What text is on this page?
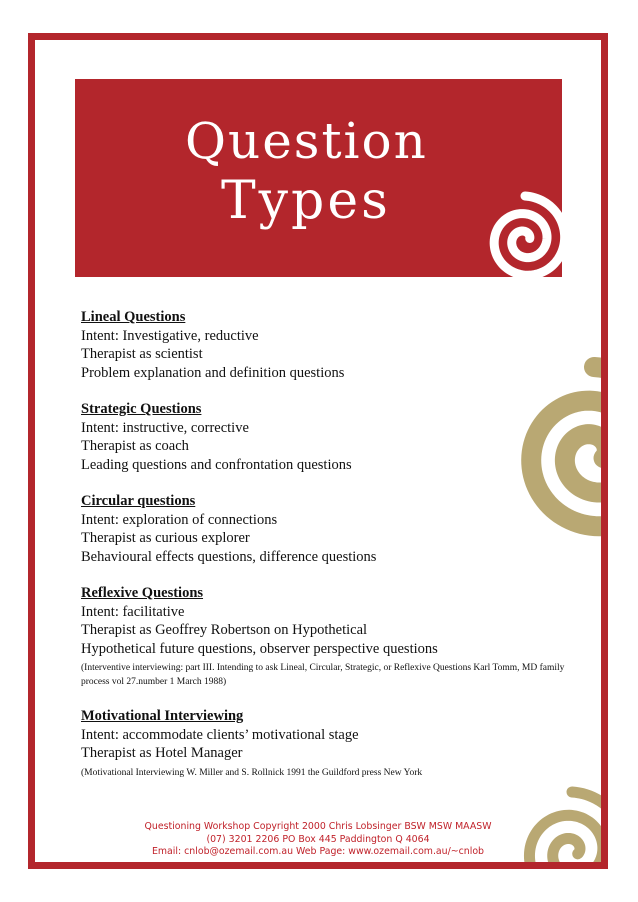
Question
Types
Lineal Questions
Intent: Investigative, reductive
Therapist as scientist
Problem explanation and definition questions
Strategic Questions
Intent: instructive, corrective
Therapist as coach
Leading questions and confrontation questions
Circular questions
Intent: exploration of connections
Therapist as curious explorer
Behavioural effects questions, difference questions
Reflexive Questions
Intent: facilitative
Therapist as Geoffrey Robertson on Hypothetical
Hypothetical future questions, observer perspective questions
(Interventive interviewing: part III. Intending to ask Lineal, Circular, Strategic, or Reflexive Questions Karl Tomm, MD family process vol 27.number 1 March 1988)
Motivational Interviewing
Intent: accommodate clients’ motivational stage
Therapist as Hotel Manager
(Motivational Interviewing W. Miller and S. Rollnick 1991 the Guildford press New York
Questioning Workshop Copyright 2000 Chris Lobsinger BSW MSW MAASW
(07) 3201 2206 PO Box 445 Paddington Q 4064
Email: cnlob@ozemail.com.au Web Page: www.ozemail.com.au/~cnlob
